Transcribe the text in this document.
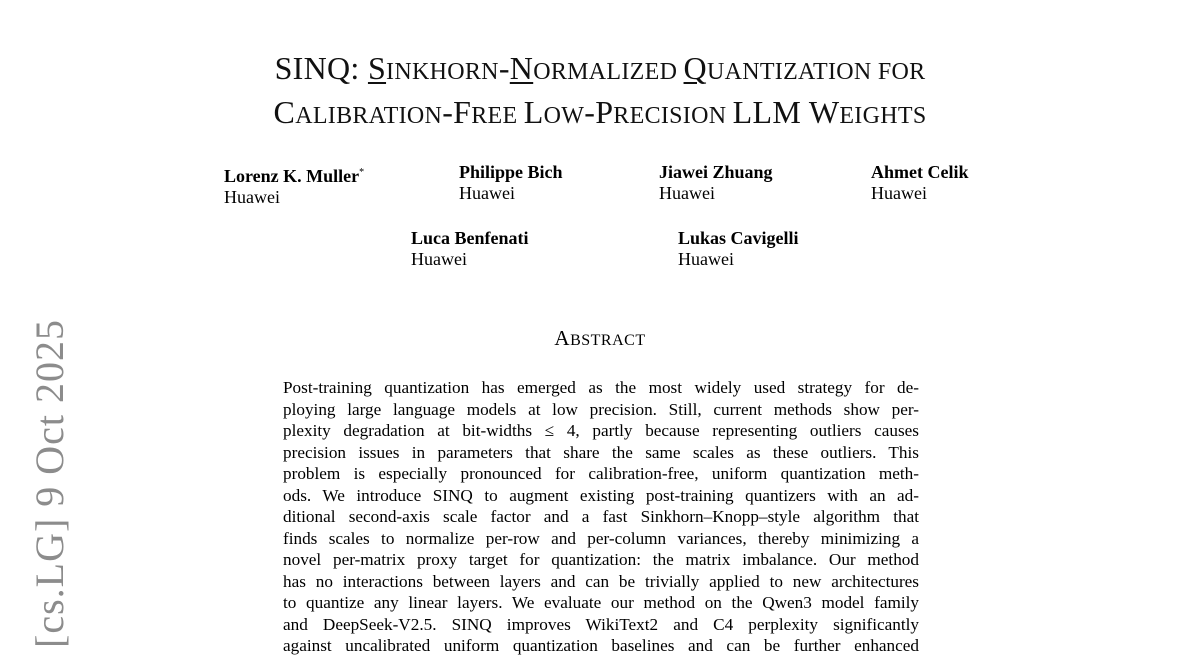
SINQ: SINKHORN-NORMALIZED QUANTIZATION FOR
CALIBRATION-FREE LOW-PRECISION LLM WEIGHTS
Lorenz K. Muller*
Huawei
Philippe Bich
Huawei
Jiawei Zhuang
Huawei
Ahmet Celik
Huawei
Luca Benfenati
Huawei
Lukas Cavigelli
Huawei
ABSTRACT
Post-training quantization has emerged as the most widely used strategy for de-
ploying large language models at low precision. Still, current methods show per-
plexity degradation at bit-widths ≤ 4, partly because representing outliers causes
precision issues in parameters that share the same scales as these outliers. This
problem is especially pronounced for calibration-free, uniform quantization meth-
ods. We introduce SINQ to augment existing post-training quantizers with an ad-
ditional second-axis scale factor and a fast Sinkhorn–Knopp–style algorithm that
finds scales to normalize per-row and per-column variances, thereby minimizing a
novel per-matrix proxy target for quantization: the matrix imbalance. Our method
has no interactions between layers and can be trivially applied to new architectures
to quantize any linear layers. We evaluate our method on the Qwen3 model family
and DeepSeek-V2.5. SINQ improves WikiText2 and C4 perplexity significantly
against uncalibrated uniform quantization baselines and can be further enhanced
[cs.LG] 9 Oct 2025
